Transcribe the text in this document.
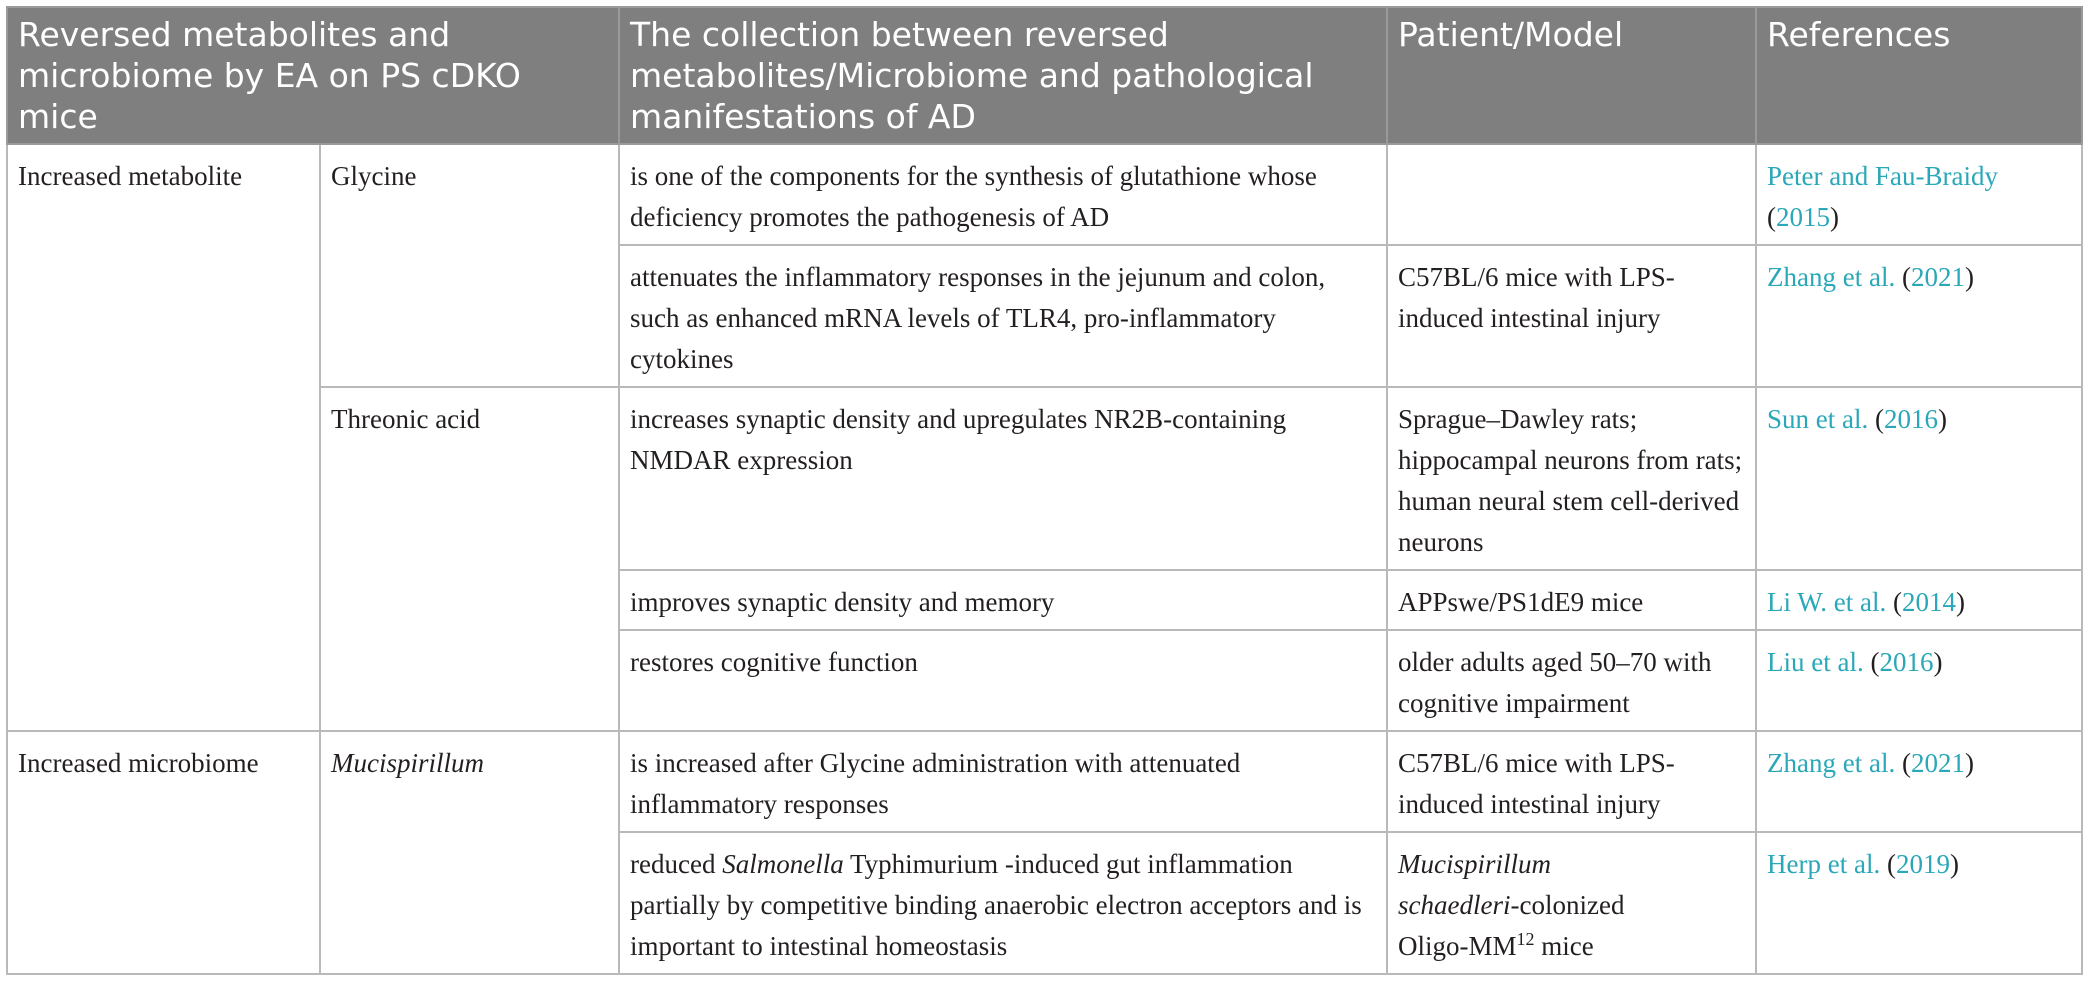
Reversed metabolites and microbiome by EA on PS cDKO mice		The collection between reversed metabolites/Microbiome and pathological manifestations of AD	Patient/Model	References
Increased metabolite	Glycine	is one of the components for the synthesis of glutathione whose deficiency promotes the pathogenesis of AD		Peter and Fau-Braidy
(2015)
		attenuates the inflammatory responses in the jejunum and colon, such as enhanced mRNA levels of TLR4, pro-inflammatory cytokines	C57BL/6 mice with LPS-induced intestinal injury	Zhang et al. (2021)
	Threonic acid	increases synaptic density and upregulates NR2B-containing NMDAR expression	Sprague–Dawley rats; hippocampal neurons from rats; human neural stem cell-derived neurons	Sun et al. (2016)
		improves synaptic density and memory	APPswe/PS1dE9 mice	Li W. et al. (2014)
		restores cognitive function	older adults aged 50–70 with cognitive impairment	Liu et al. (2016)
Increased microbiome	Mucispirillum	is increased after Glycine administration with attenuated inflammatory responses	C57BL/6 mice with LPS-induced intestinal injury	Zhang et al. (2021)
		reduced Salmonella Typhimurium -induced gut inflammation partially by competitive binding anaerobic electron acceptors and is important to intestinal homeostasis	Mucispirillum
schaedleri-colonized
Oligo-MM$^{12}$ mice	Herp et al. (2019)
